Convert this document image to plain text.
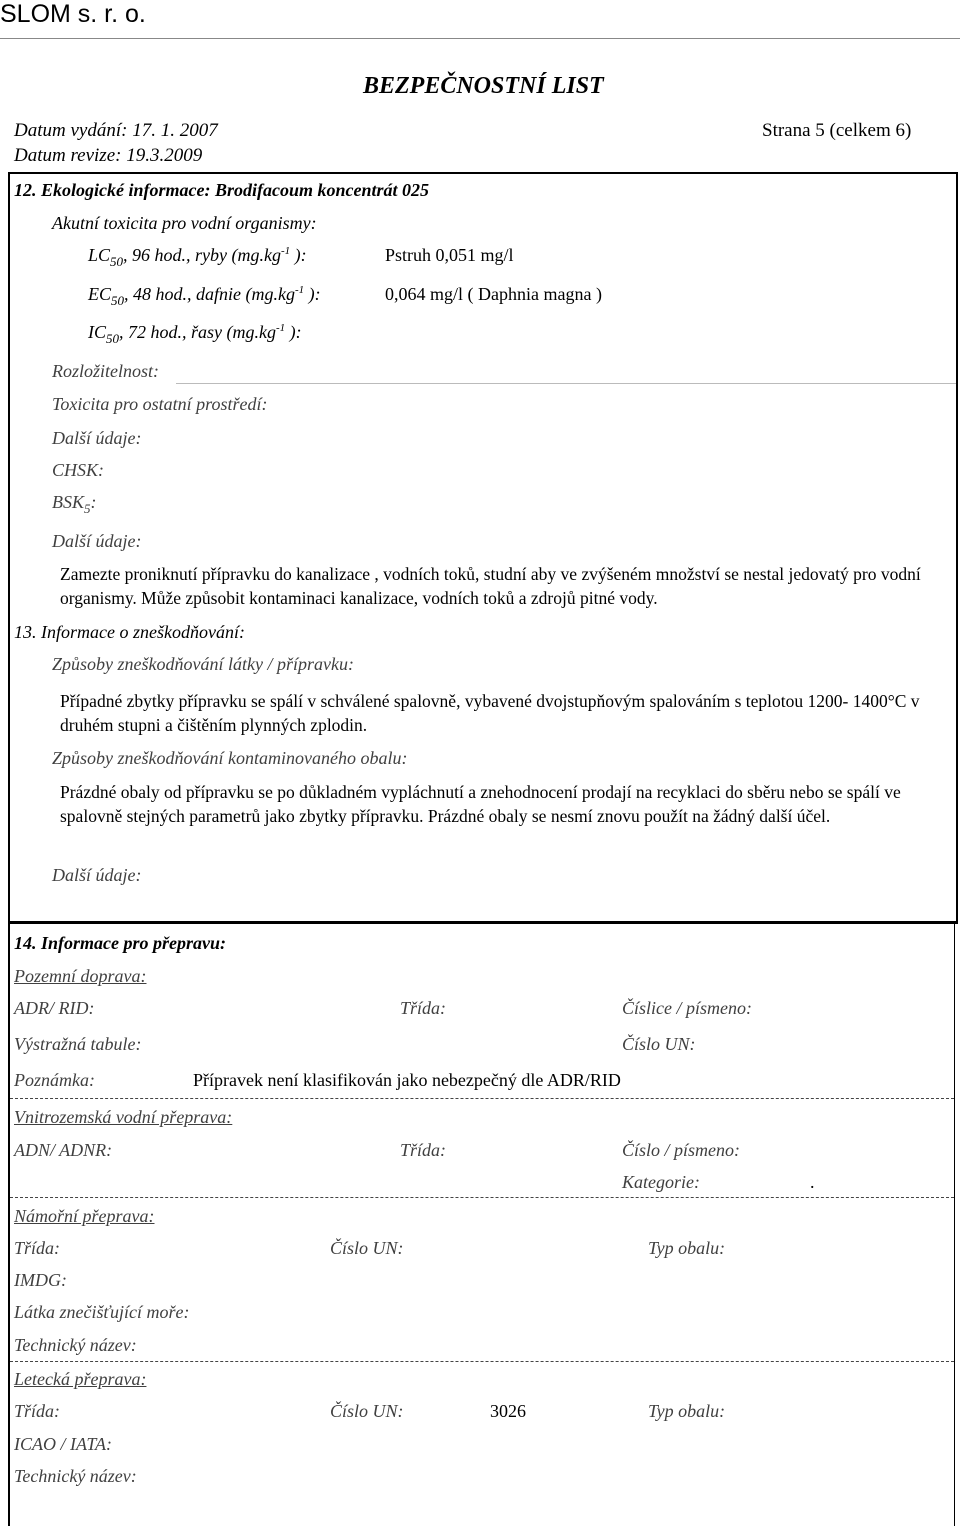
SLOM s. r. o.
BEZPEČNOSTNÍ LIST
Datum vydání: 17. 1. 2007
Datum revize: 19.3.2009
Strana 5 (celkem 6)
12. Ekologické informace: Brodifacoum koncentrát 025
Akutní toxicita pro vodní organismy:
$LC_{50}$, 96 hod., ryby ($mg.kg^{-1}$ ):	Pstruh 0,051 mg/l
$EC_{50}$, 48 hod., dafnie ($mg.kg^{-1}$ ):	0,064 mg/l ( Daphnia magna )
$IC_{50}$, 72 hod., řasy ($mg.kg^{-1}$ ):
Rozložitelnost:
Toxicita pro ostatní prostředí:
Další údaje:
CHSK:
$BSK_5$:
Další údaje:
Zamezte proniknutí přípravku do kanalizace , vodních toků, studní aby ve zvýšeném množství se nestal jedovatý pro vodní organismy. Může způsobit kontaminaci kanalizace, vodních toků a zdrojů pitné vody.
13. Informace o zneškodňování:
Způsoby zneškodňování látky / přípravku:
Případné zbytky přípravku se spálí v schválené spalovně, vybavené dvojstupňovým spalováním s teplotou 1200- 1400°C v druhém stupni a čištěním plynných zplodin.
Způsoby zneškodňování kontaminovaného obalu:
Prázdné obaly od přípravku se po důkladném vypláchnutí a znehodnocení prodají na recyklaci do sběru nebo se spálí ve spalovně stejných parametrů jako zbytky přípravku. Prázdné obaly se nesmí znovu použít na žádný další účel.
Další údaje:
14. Informace pro přepravu:
Pozemní doprava:
ADR/ RID:	Třída:	Číslice / písmeno:
Výstražná tabule:	Číslo UN:
Poznámka:	Přípravek není klasifikován jako nebezpečný dle ADR/RID
Vnitrozemská vodní přeprava:
ADN/ ADNR:	Třída:	Číslo / písmeno:
Kategorie:	.
Námořní přeprava:
Třída:	Číslo UN:	Typ obalu:
IMDG:
Látka znečišťující moře:
Technický název:
Letecká přeprava:
Třída:	Číslo UN:	3026	Typ obalu:
ICAO / IATA:
Technický název:
